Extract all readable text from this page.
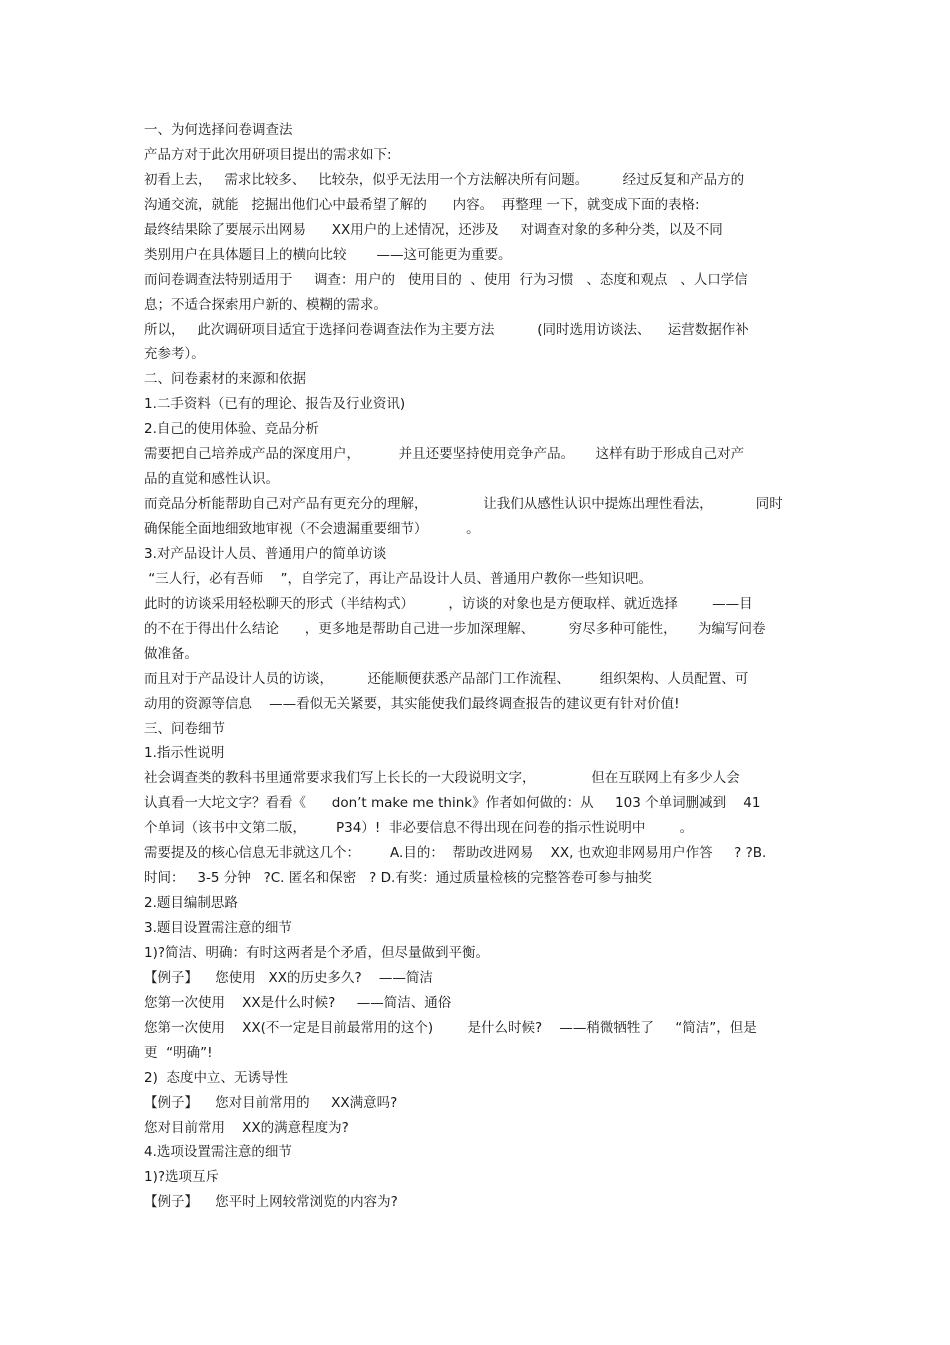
一、为何选择问卷调查法
产品方对于此次用研项目提出的需求如下:
初看上去，   需求比较多、   比较杂，似乎无法用一个方法解决所有问题。        经过反复和产品方的
沟通交流，就能   挖掘出他们心中最希望了解的      内容。  再整理 一下，就变成下面的表格:
最终结果除了要展示出网易      XX用户的上述情况，还涉及     对调查对象的多种分类，以及不同
类别用户在具体题目上的横向比较       ——这可能更为重要。
而问卷调查法特别适用于     调查：用户的   使用目的  、使用  行为习惯   、态度和观点   、人口学信
息；不适合探索用户新的、模糊的需求。
所以，   此次调研项目适宜于选择问卷调查法作为主要方法          (同时选用访谈法、    运营数据作补
充参考）。
二、问卷素材的来源和依据
1.二手资料（已有的理论、报告及行业资讯)
2.自己的使用体验、竞品分析
需要把自己培养成产品的深度用户，         并且还要坚持使用竞争产品。     这样有助于形成自己对产
品的直觉和感性认识。
而竞品分析能帮助自己对产品有更充分的理解，             让我们从感性认识中提炼出理性看法，          同时
确保能全面地细致地审视（不会遗漏重要细节）         。
3.对产品设计人员、普通用户的简单访谈
“三人行，必有吾师    ”，自学完了，再让产品设计人员、普通用户教你一些知识吧。
此时的访谈采用轻松聊天的形式（半结构式）        ，访谈的对象也是方便取样、就近选择        ——目
的不在于得出什么结论      ，更多地是帮助自己进一步加深理解、        穷尽多种可能性，     为编写问卷
做准备。
而且对于产品设计人员的访谈，        还能顺便获悉产品部门工作流程、       组织架构、人员配置、可
动用的资源等信息    ——看似无关紧要，其实能使我们最终调查报告的建议更有针对价值!
三、问卷细节
1.指示性说明
社会调查类的教科书里通常要求我们写上长长的一大段说明文字，             但在互联网上有多少人会
认真看一大坨文字？看看《      don’t make me think》作者如何做的：从     103 个单词删减到    41
个单词（该书中文第二版，       P34）!  非必要信息不得出现在问卷的指示性说明中        。
需要提及的核心信息无非就这几个：       A.目的：  帮助改进网易    XX, 也欢迎非网易用户作答     ? ?B.
时间：   3-5 分钟   ?C. 匿名和保密   ? D.有奖：通过质量检核的完整答卷可参与抽奖
2.题目编制思路
3.题目设置需注意的细节
1)?简洁、明确：有时这两者是个矛盾，但尽量做到平衡。
【例子】    您使用   XX的历史多久?    ——简洁
您第一次使用    XX是什么时候?     ——简洁、通俗
您第一次使用    XX(不一定是目前最常用的这个)        是什么时候?    ——稍微牺牲了     “简洁”，但是
更  “明确”!
2)  态度中立、无诱导性
【例子】    您对目前常用的     XX满意吗?
您对目前常用    XX的满意程度为?
4.选项设置需注意的细节
1)?选项互斥
【例子】    您平时上网较常浏览的内容为?
